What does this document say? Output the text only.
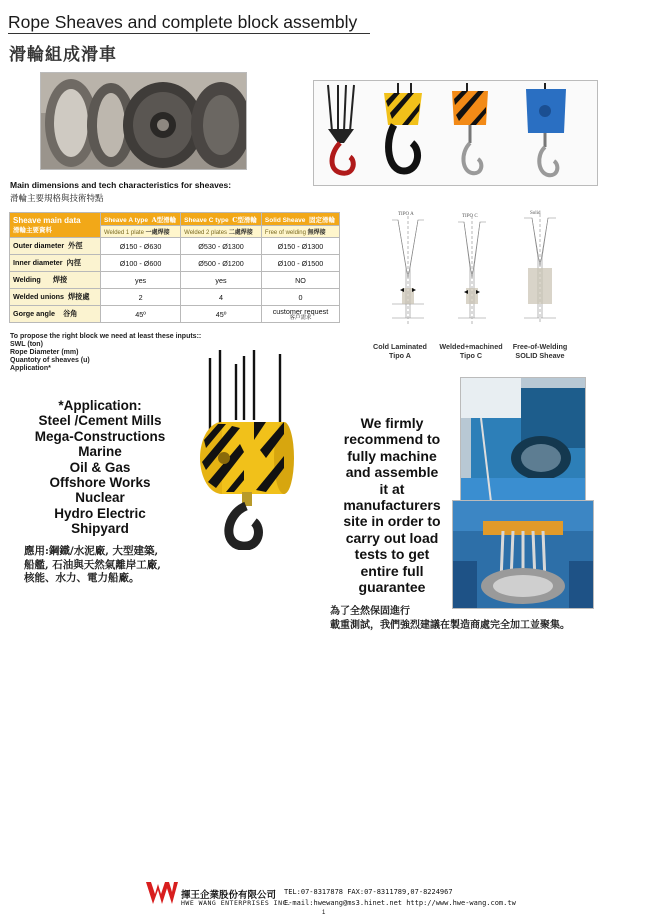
Rope Sheaves and complete block assembly
滑輪組成滑車
Main dimensions and tech characteristics for sheaves:
滑輪主要規格與技術特點
Sheave main data
滑輪主要資料	Sheave A type A型滑輪	Sheave C type C型滑輪	Solid Sheave 固定滑輪
	Welded 1 plate 一處焊接	Welded 2 plates 二處焊接	Free of welding 無焊接
Outer diameter 外徑	Ø150 - Ø630	Ø530 - Ø1300	Ø150 - Ø1300
Inner diameter 內徑	Ø100 - Ø600	Ø500 - Ø1200	Ø100 - Ø1500
Welding 焊接	yes	yes	NO
Welded unions 焊接處	2	4	0
Gorge angle 谷角	45º	45º	customer request
客戶需求
TIPO A	TIPO C
Solid
Cold Laminated
Tipo A
Welded+machined
Tipo C
Free-of-Welding
SOLID Sheave
To propose the right block we need at least these inputs::
SWL (ton)
Rope Diameter (mm)
Quantoty of sheaves (u)
Application*
*Application:
Steel /Cement Mills
Mega-Constructions
Marine
Oil & Gas
Offshore Works
Nuclear
Hydro Electric
Shipyard
應用:鋼鐵/水泥廠, 大型建築, 船艦, 石油與天然氣離岸工廠, 核能、水力、電力船廠。
We firmly
recommend to
fully machine
and assemble
it at
manufacturers
site in order to
carry out load
tests to get
entire full
guarantee
為了全然保固進行
載重測試，我們強烈建議在製造商處完全加工並聚集。
揮王企業股份有限公司
HWE WANG ENTERPRISES INC.
TEL:07-8317878 FAX:07-8311789,07-8224967
E-mail:hwewang@ms3.hinet.net http://www.hwe-wang.com.tw
1
